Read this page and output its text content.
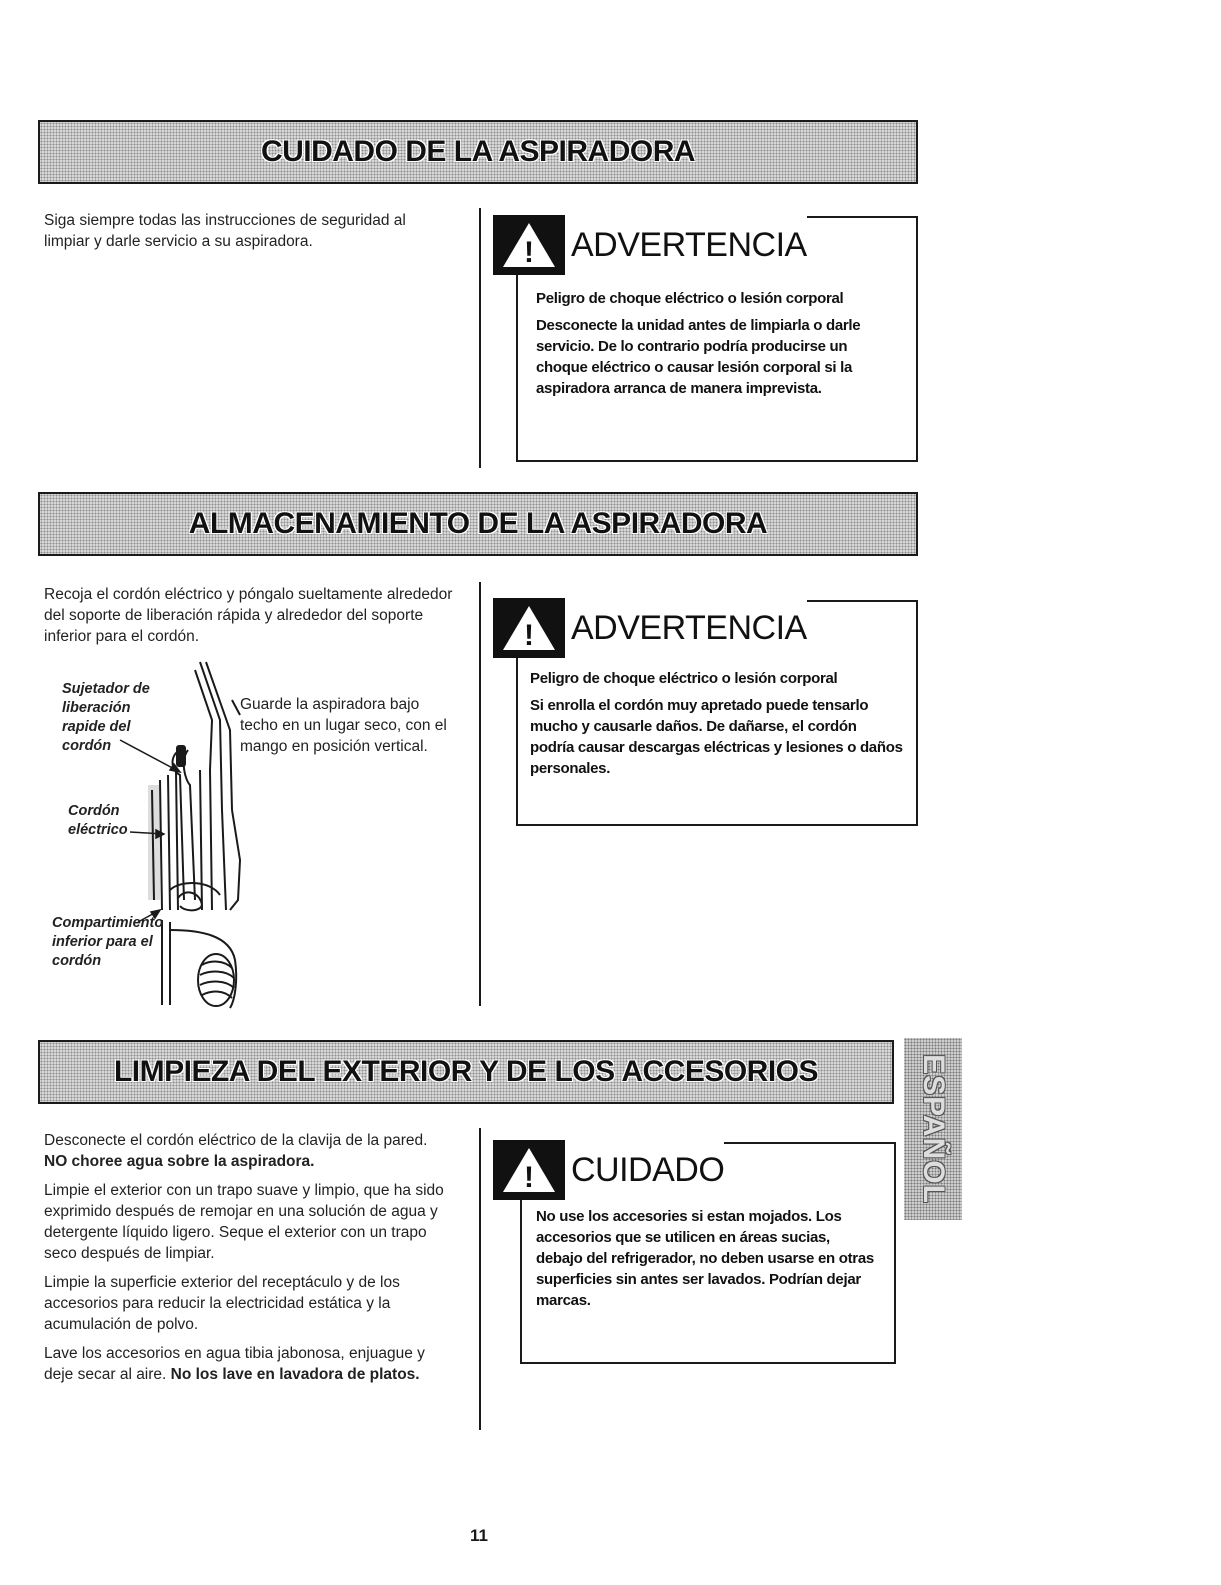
CUIDADO DE LA ASPIRADORA

Siga siempre todas las instrucciones de seguridad al limpiar y darle servicio a su aspiradora.	! ADVERTENCIA

Peligro de choque eléctrico o lesión corporal

Desconecte la unidad antes de limpiarla o darle servicio. De lo contrario podría producirse un choque eléctrico o causar lesión corporal si la aspiradora arranca de manera imprevista.

ALMACENAMIENTO DE LA ASPIRADORA

Recoja el cordón eléctrico y póngalo sueltamente alrededor del soporte de liberación rápida y alrededor del soporte inferior para el cordón.

Guarde la aspiradora bajo techo en un lugar seco, con el mango en posición vertical.

Sujetador de liberación rapide del cordón
Cordón eléctrico
Compartimiento inferior para el cordón
! ADVERTENCIA

Peligro de choque eléctrico o lesión corporal

Si enrolla el cordón muy apretado puede tensarlo mucho y causarle daños. De dañarse, el cordón podría causar descargas eléctricas y lesiones o daños personales.

LIMPIEZA DEL EXTERIOR Y DE LOS ACCESORIOS	ESPAÑOL

Desconecte el cordón eléctrico de la clavija de la pared. NO choree agua sobre la aspiradora.

Limpie el exterior con un trapo suave y limpio, que ha sido exprimido después de remojar en una solución de agua y detergente líquido ligero. Seque el exterior con un trapo seco después de limpiar.

Limpie la superficie exterior del receptáculo y de los accesorios para reducir la electricidad estática y la acumulación de polvo.

Lave los accesorios en agua tibia jabonosa, enjuague y deje secar al aire. No los lave en lavadora de platos.

! CUIDADO

No use los accesories si estan mojados. Los accesorios que se utilicen en áreas sucias, debajo del refrigerador, no deben usarse en otras superficies sin antes ser lavados. Podrían dejar marcas.

11
